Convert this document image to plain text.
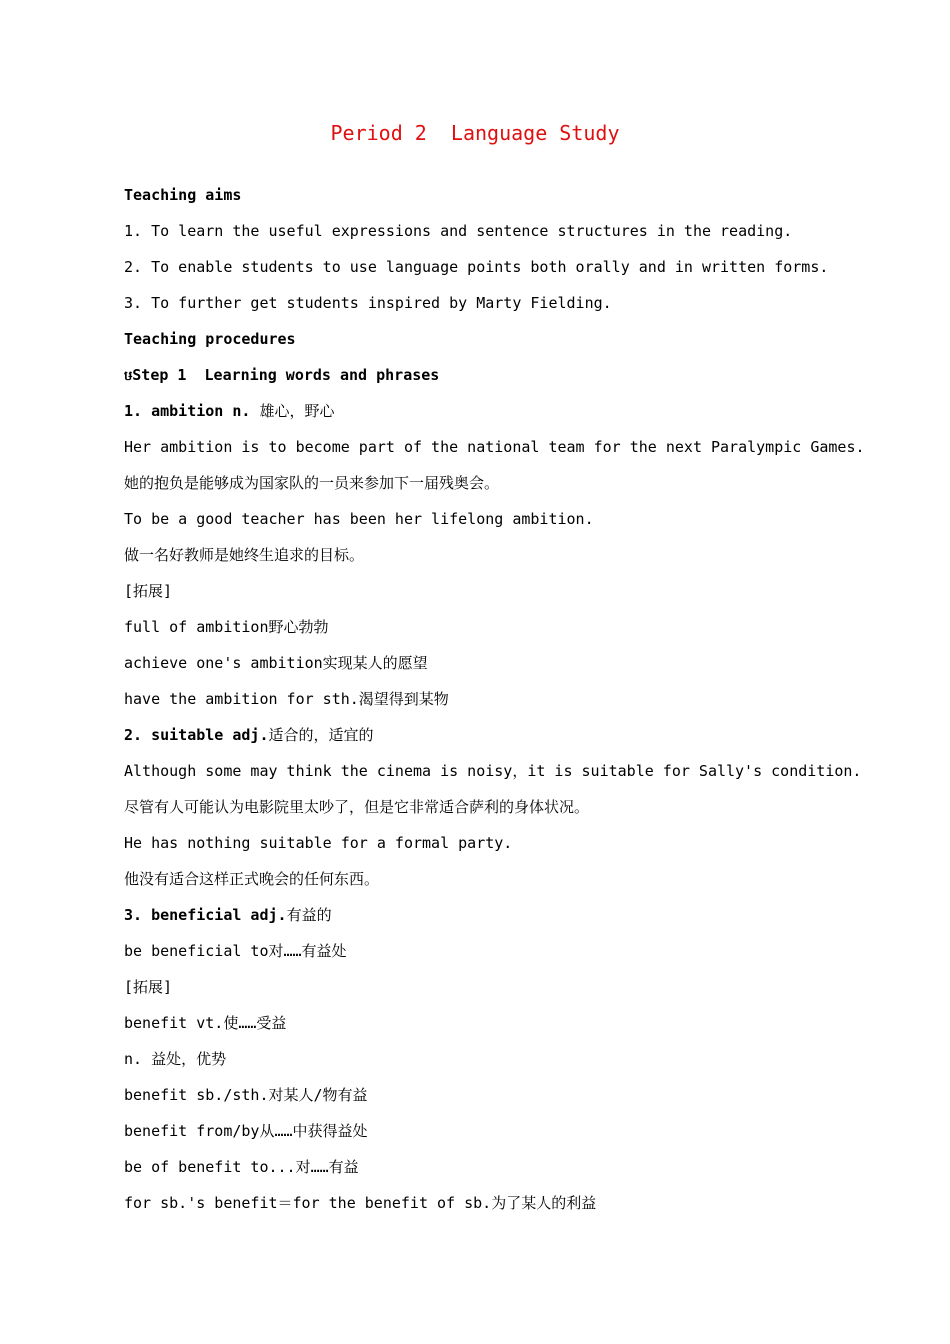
Period 2  Language Study
Teaching aims
1. To learn the useful expressions and sentence structures in the reading.
2. To enable students to use language points both orally and in written forms.
3. To further get students inspired by Marty Fielding.
Teaching procedures
ឞStep 1  Learning words and phrases
1. ambition n. 雄心，野心
Her ambition is to become part of the national team for the next Paralympic Games.
她的抱负是能够成为国家队的一员来参加下一届残奥会。
To be a good teacher has been her lifelong ambition.
做一名好教师是她终生追求的目标。
[拓展]
full of ambition野心勃勃
achieve one's ambition实现某人的愿望
have the ambition for sth.渴望得到某物
2. suitable adj.适合的，适宜的
Although some may think the cinema is noisy，it is suitable for Sally's condition.
尽管有人可能认为电影院里太吵了，但是它非常适合萨利的身体状况。
He has nothing suitable for a formal party.
他没有适合这样正式晚会的任何东西。
3. beneficial adj.有益的
be beneficial to对……有益处
[拓展]
benefit vt.使……受益
n. 益处，优势
benefit sb./sth.对某人/物有益
benefit from/by从……中获得益处
be of benefit to...对……有益
for sb.'s benefit＝for the benefit of sb.为了某人的利益
